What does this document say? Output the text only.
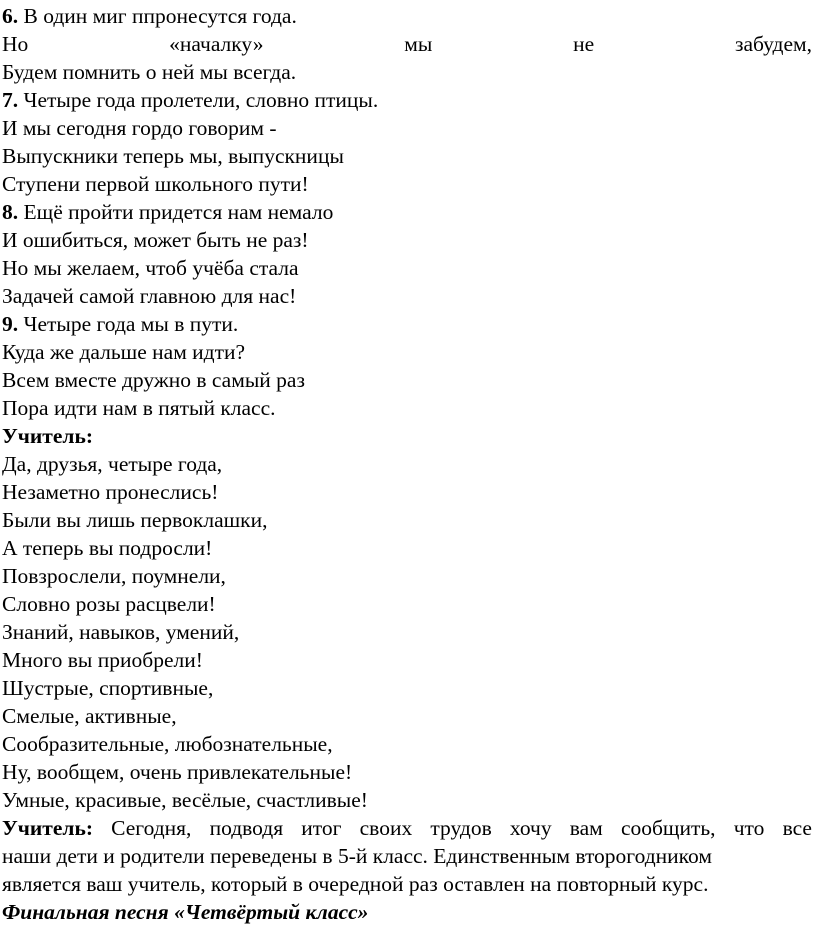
6. В один миг ппронесутся года.
Но	«началку»	мы	не	забудем,
Будем помнить о ней мы всегда.
7. Четыре года пролетели, словно птицы.
И мы сегодня гордо говорим -
Выпускники теперь мы, выпускницы
Ступени первой школьного пути!
8. Ещё пройти придется нам немало
И ошибиться, может быть не раз!
Но мы желаем, чтоб учёба стала
Задачей самой главною для нас!
9. Четыре года мы в пути.
Куда же дальше нам идти?
Всем вместе дружно в самый раз
Пора идти нам в пятый класс.
Учитель:
Да, друзья, четыре года,
Незаметно пронеслись!
Были вы лишь первоклашки,
А теперь вы подросли!
Повзрослели, поумнели,
Словно розы расцвели!
Знаний, навыков, умений,
Много вы приобрели!
Шустрые, спортивные,
Смелые, активные,
Сообразительные, любознательные,
Ну, вообщем, очень привлекательные!
Умные, красивые, весёлые, счастливые!
Учитель: Сегодня, подводя итог своих трудов хочу вам сообщить, что все
наши дети и родители переведены в 5-й класс. Единственным второгодником
является ваш учитель, который в очередной раз оставлен на повторный курс.
Финальная песня «Четвёртый класс»
